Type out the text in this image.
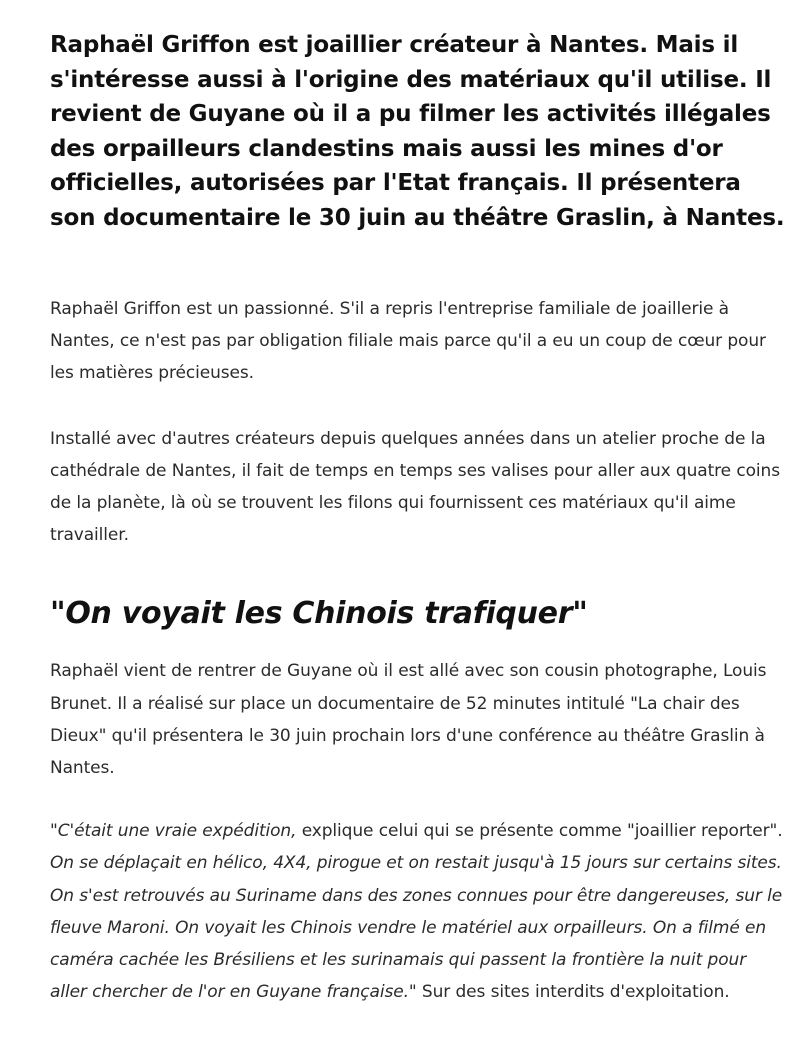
Raphaël Griffon est joaillier créateur à Nantes. Mais il s'intéresse aussi à l'origine des matériaux qu'il utilise. Il revient de Guyane où il a pu filmer les activités illégales des orpailleurs clandestins mais aussi les mines d'or officielles, autorisées par l'Etat français. Il présentera son documentaire le 30 juin au théâtre Graslin, à Nantes.

Raphaël Griffon est un passionné. S'il a repris l'entreprise familiale de joaillerie à Nantes, ce n'est pas par obligation filiale mais parce qu'il a eu un coup de cœur pour les matières précieuses.

Installé avec d'autres créateurs depuis quelques années dans un atelier proche de la cathédrale de Nantes, il fait de temps en temps ses valises pour aller aux quatre coins de la planète, là où se trouvent les filons qui fournissent ces matériaux qu'il aime travailler.

"On voyait les Chinois trafiquer"

Raphaël vient de rentrer de Guyane où il est allé avec son cousin photographe, Louis Brunet. Il a réalisé sur place un documentaire de 52 minutes intitulé "La chair des Dieux" qu'il présentera le 30 juin prochain lors d'une conférence au théâtre Graslin à Nantes.

"C'était une vraie expédition, explique celui qui se présente comme "joaillier reporter". On se déplaçait en hélico, 4X4, pirogue et on restait jusqu'à 15 jours sur certains sites. On s'est retrouvés au Suriname dans des zones connues pour être dangereuses, sur le fleuve Maroni. On voyait les Chinois vendre le matériel aux orpailleurs. On a filmé en caméra cachée les Brésiliens et les surinamais qui passent la frontière la nuit pour aller chercher de l'or en Guyane française." Sur des sites interdits d'exploitation.
